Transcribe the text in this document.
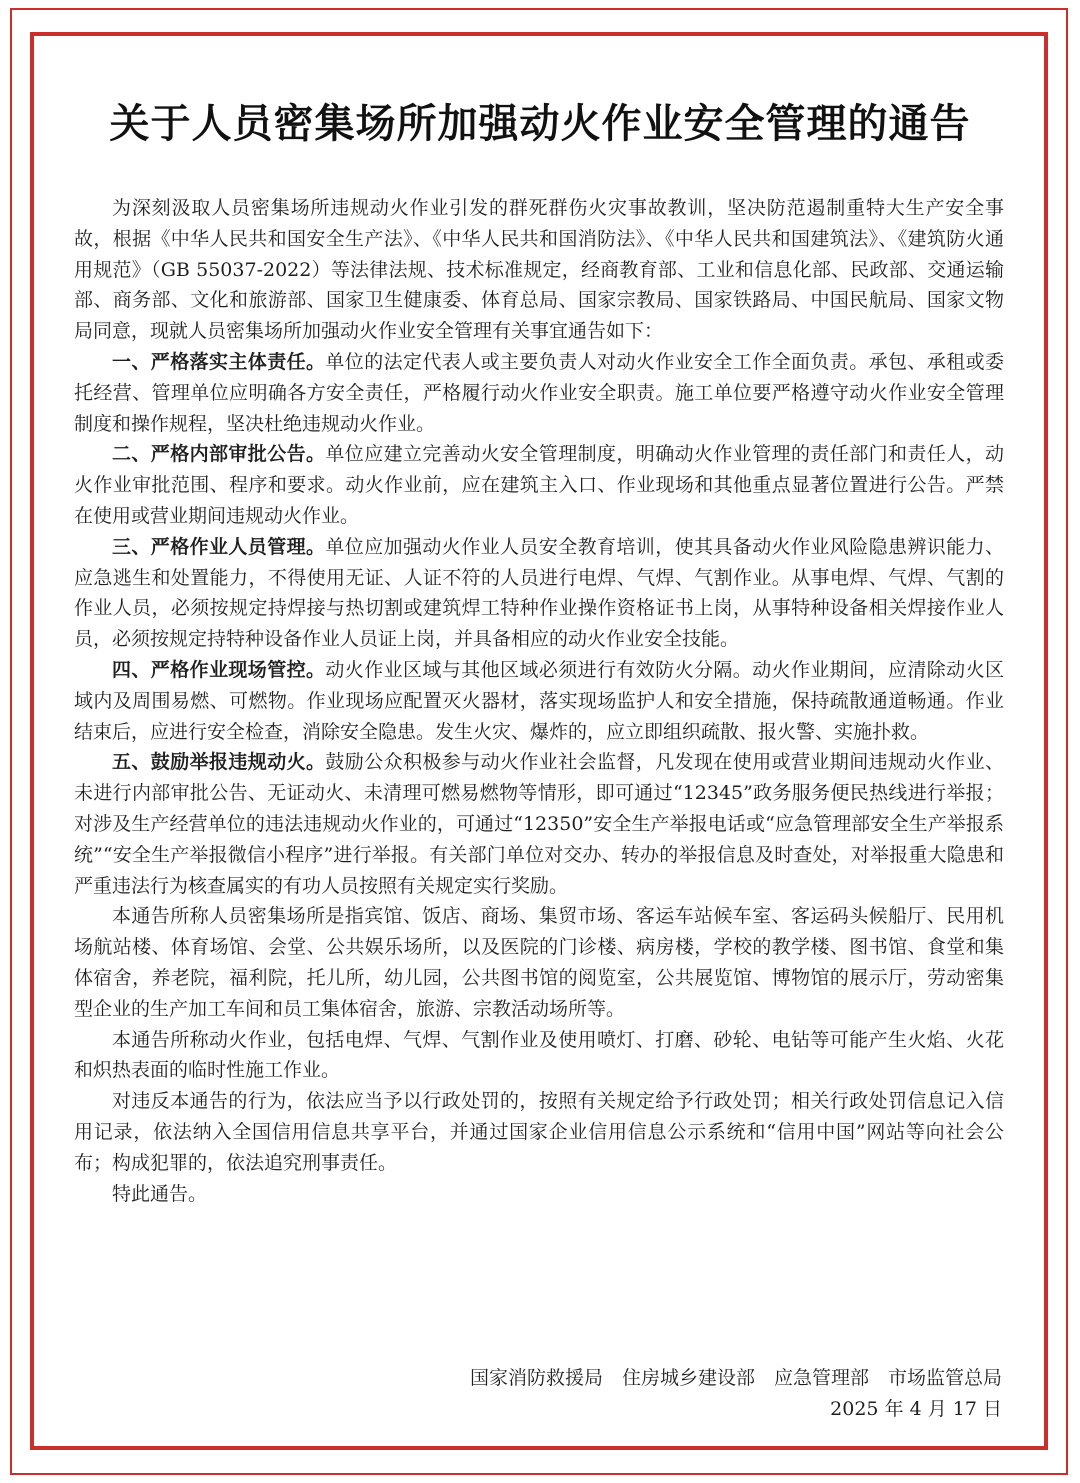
关于人员密集场所加强动火作业安全管理的通告

为深刻汲取人员密集场所违规动火作业引发的群死群伤火灾事故教训，坚决防范遏制重特大生产安全事故，根据《中华人民共和国安全生产法》、《中华人民共和国消防法》、《中华人民共和国建筑法》、《建筑防火通用规范》（GB 55037-2022）等法律法规、技术标准规定，经商教育部、工业和信息化部、民政部、交通运输部、商务部、文化和旅游部、国家卫生健康委、体育总局、国家宗教局、国家铁路局、中国民航局、国家文物局同意，现就人员密集场所加强动火作业安全管理有关事宜通告如下：

一、严格落实主体责任。单位的法定代表人或主要负责人对动火作业安全工作全面负责。承包、承租或委托经营、管理单位应明确各方安全责任，严格履行动火作业安全职责。施工单位要严格遵守动火作业安全管理制度和操作规程，坚决杜绝违规动火作业。

二、严格内部审批公告。单位应建立完善动火安全管理制度，明确动火作业管理的责任部门和责任人，动火作业审批范围、程序和要求。动火作业前，应在建筑主入口、作业现场和其他重点显著位置进行公告。严禁在使用或营业期间违规动火作业。

三、严格作业人员管理。单位应加强动火作业人员安全教育培训，使其具备动火作业风险隐患辨识能力、应急逃生和处置能力，不得使用无证、人证不符的人员进行电焊、气焊、气割作业。从事电焊、气焊、气割的作业人员，必须按规定持焊接与热切割或建筑焊工特种作业操作资格证书上岗，从事特种设备相关焊接作业人员，必须按规定持特种设备作业人员证上岗，并具备相应的动火作业安全技能。

四、严格作业现场管控。动火作业区域与其他区域必须进行有效防火分隔。动火作业期间，应清除动火区域内及周围易燃、可燃物。作业现场应配置灭火器材，落实现场监护人和安全措施，保持疏散通道畅通。作业结束后，应进行安全检查，消除安全隐患。发生火灾、爆炸的，应立即组织疏散、报火警、实施扑救。

五、鼓励举报违规动火。鼓励公众积极参与动火作业社会监督，凡发现在使用或营业期间违规动火作业、未进行内部审批公告、无证动火、未清理可燃易燃物等情形，即可通过“12345”政务服务便民热线进行举报；对涉及生产经营单位的违法违规动火作业的，可通过“12350”安全生产举报电话或“应急管理部安全生产举报系统”“安全生产举报微信小程序”进行举报。有关部门单位对交办、转办的举报信息及时查处，对举报重大隐患和严重违法行为核查属实的有功人员按照有关规定实行奖励。

本通告所称人员密集场所是指宾馆、饭店、商场、集贸市场、客运车站候车室、客运码头候船厅、民用机场航站楼、体育场馆、会堂、公共娱乐场所，以及医院的门诊楼、病房楼，学校的教学楼、图书馆、食堂和集体宿舍，养老院，福利院，托儿所，幼儿园，公共图书馆的阅览室，公共展览馆、博物馆的展示厅，劳动密集型企业的生产加工车间和员工集体宿舍，旅游、宗教活动场所等。

本通告所称动火作业，包括电焊、气焊、气割作业及使用喷灯、打磨、砂轮、电钻等可能产生火焰、火花和炽热表面的临时性施工作业。

对违反本通告的行为，依法应当予以行政处罚的，按照有关规定给予行政处罚；相关行政处罚信息记入信用记录，依法纳入全国信用信息共享平台，并通过国家企业信用信息公示系统和“信用中国”网站等向社会公布；构成犯罪的，依法追究刑事责任。

特此通告。

国家消防救援局　住房城乡建设部　应急管理部　市场监管总局
2025 年 4 月 17 日
